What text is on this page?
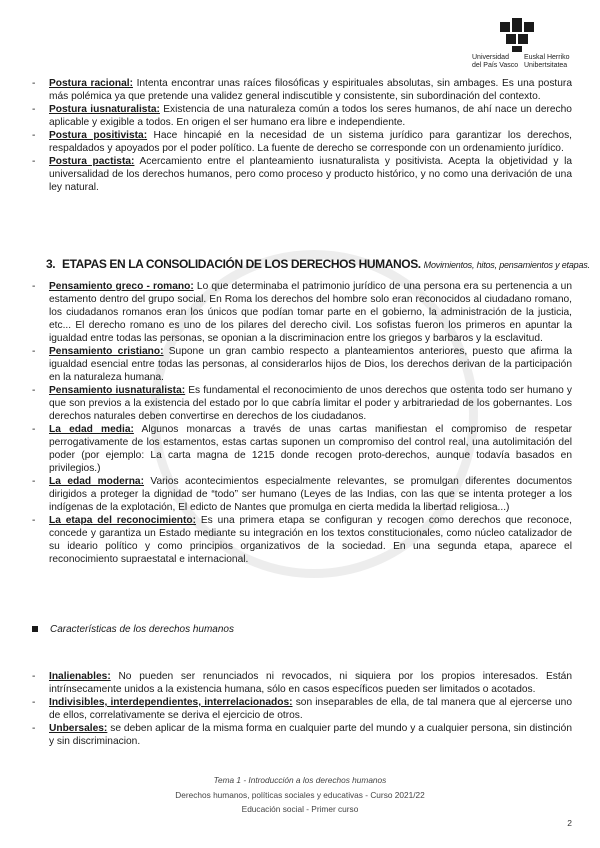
Universidad
del País Vasco
Euskal Herriko
Unibertsitatea

- Postura racional: Intenta encontrar unas raíces filosóficas y espirituales absolutas, sin ambages. Es una postura más polémica ya que pretende una validez general indiscutible y consistente, sin subordinación del contexto.

- Postura iusnaturalista: Existencia de una naturaleza común a todos los seres humanos, de ahí nace un derecho aplicable y exigible a todos. En origen el ser humano era libre e independiente.

- Postura positivista: Hace hincapié en la necesidad de un sistema jurídico para garantizar los derechos, respaldados y apoyados por el poder político. La fuente de derecho se corresponde con un ordenamiento jurídico.

- Postura pactista: Acercamiento entre el planteamiento iusnaturalista y positivista. Acepta la objetividad y la universalidad de los derechos humanos, pero como proceso y producto histórico, y no como una derivación de una ley natural.

3. ETAPAS EN LA CONSOLIDACIÓN DE LOS DERECHOS HUMANOS. Movimientos, hitos, pensamientos y etapas.

- Pensamiento greco - romano: Lo que determinaba el patrimonio jurídico de una persona era su pertenencia a un estamento dentro del grupo social. En Roma los derechos del hombre solo eran reconocidos al ciudadano romano, los ciudadanos romanos eran los únicos que podían tomar parte en el gobierno, la administración de la justicia, etc... El derecho romano es uno de los pilares del derecho civil. Los sofistas fueron los primeros en apuntar la igualdad entre todas las personas, se oponian a la discriminacion entre los griegos y barbaros y la esclavitud.

- Pensamiento cristiano: Supone un gran cambio respecto a planteamientos anteriores, puesto que afirma la igualdad esencial entre todas las personas, al considerarlos hijos de Dios, los derechos derivan de la participación en la naturaleza humana.

- Pensamiento iusnaturalista: Es fundamental el reconocimiento de unos derechos que ostenta todo ser humano y que son previos a la existencia del estado por lo que cabría limitar el poder y arbitrariedad de los gobernantes. Los derechos naturales deben convertirse en derechos de los ciudadanos.

- La edad media: Algunos monarcas a través de unas cartas manifiestan el compromiso de respetar perrogativamente de los estamentos, estas cartas suponen un compromiso del control real, una autolimitación del poder (por ejemplo: La carta magna de 1215 donde recogen proto-derechos, aunque todavía basados en privilegios.)

- La edad moderna: Varios acontecimientos especialmente relevantes, se promulgan diferentes documentos dirigidos a proteger la dignidad de “todo” ser humano (Leyes de las Indias, con las que se intenta proteger a los indígenas de la explotación, El edicto de Nantes que promulga en cierta medida la libertad religiosa...)

- La etapa del reconocimiento: Es una primera etapa se configuran y recogen como derechos que reconoce, concede y garantiza un Estado mediante su integración en los textos constitucionales, como núcleo catalizador de su ideario político y como principios organizativos de la sociedad. En una segunda etapa, aparece el reconocimiento supraestatal e internacional.

Características de los derechos humanos

- Inalienables: No pueden ser renunciados ni revocados, ni siquiera por los propios interesados. Están intrínsecamente unidos a la existencia humana, sólo en casos específicos pueden ser limitados o acotados.

- Indivisibles, interdependientes, interrelacionados: son inseparables de ella, de tal manera que al ejercerse uno de ellos, correlativamente se deriva el ejercicio de otros.

- Unbersales: se deben aplicar de la misma forma en cualquier parte del mundo y a cualquier persona, sin distinción y sin discriminacion.

Tema 1 - Introducción a los derechos humanos
Derechos humanos, políticas sociales y educativas - Curso 2021/22
Educación social - Primer curso
2
